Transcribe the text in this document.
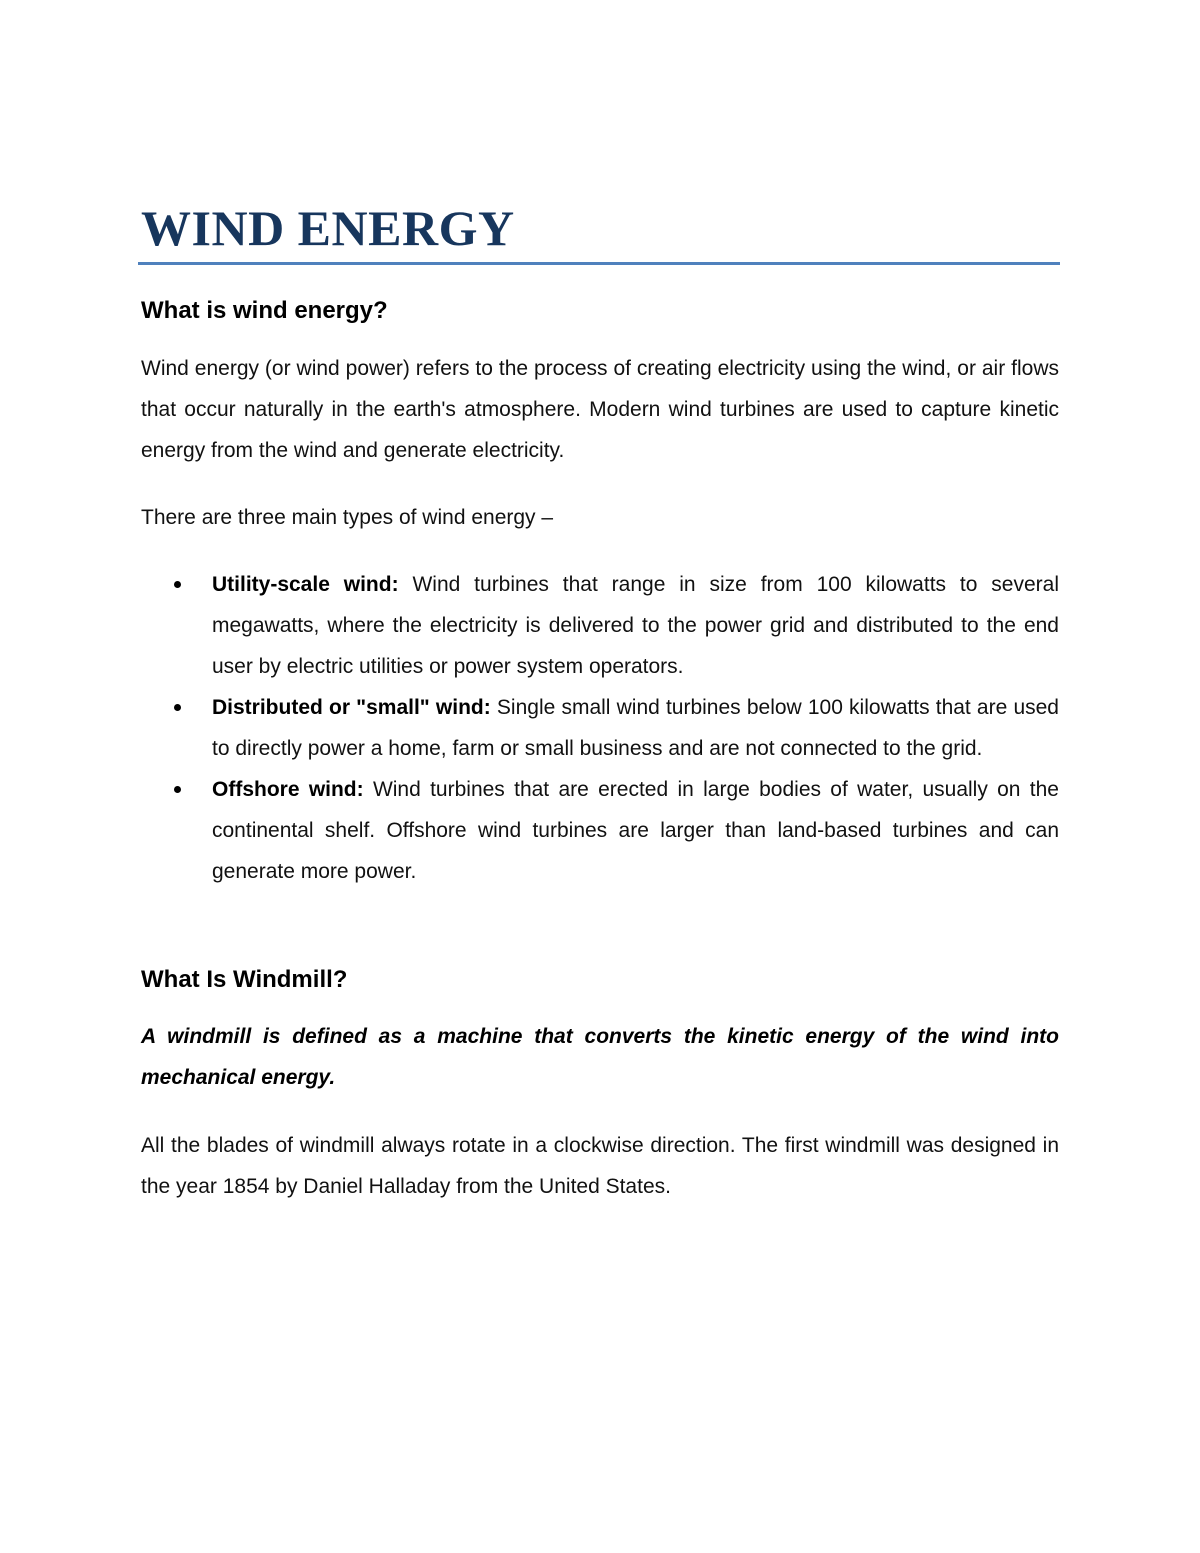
WIND ENERGY
What is wind energy?

Wind energy (or wind power) refers to the process of creating electricity using the wind, or air flows that occur naturally in the earth's atmosphere. Modern wind turbines are used to capture kinetic energy from the wind and generate electricity.

There are three main types of wind energy –

Utility-scale wind: Wind turbines that range in size from 100 kilowatts to several megawatts, where the electricity is delivered to the power grid and distributed to the end user by electric utilities or power system operators.
Distributed or "small" wind: Single small wind turbines below 100 kilowatts that are used to directly power a home, farm or small business and are not connected to the grid.
Offshore wind: Wind turbines that are erected in large bodies of water, usually on the continental shelf. Offshore wind turbines are larger than land-based turbines and can generate more power.
What Is Windmill?

A windmill is defined as a machine that converts the kinetic energy of the wind into mechanical energy.

All the blades of windmill always rotate in a clockwise direction. The first windmill was designed in the year 1854 by Daniel Halladay from the United States.
